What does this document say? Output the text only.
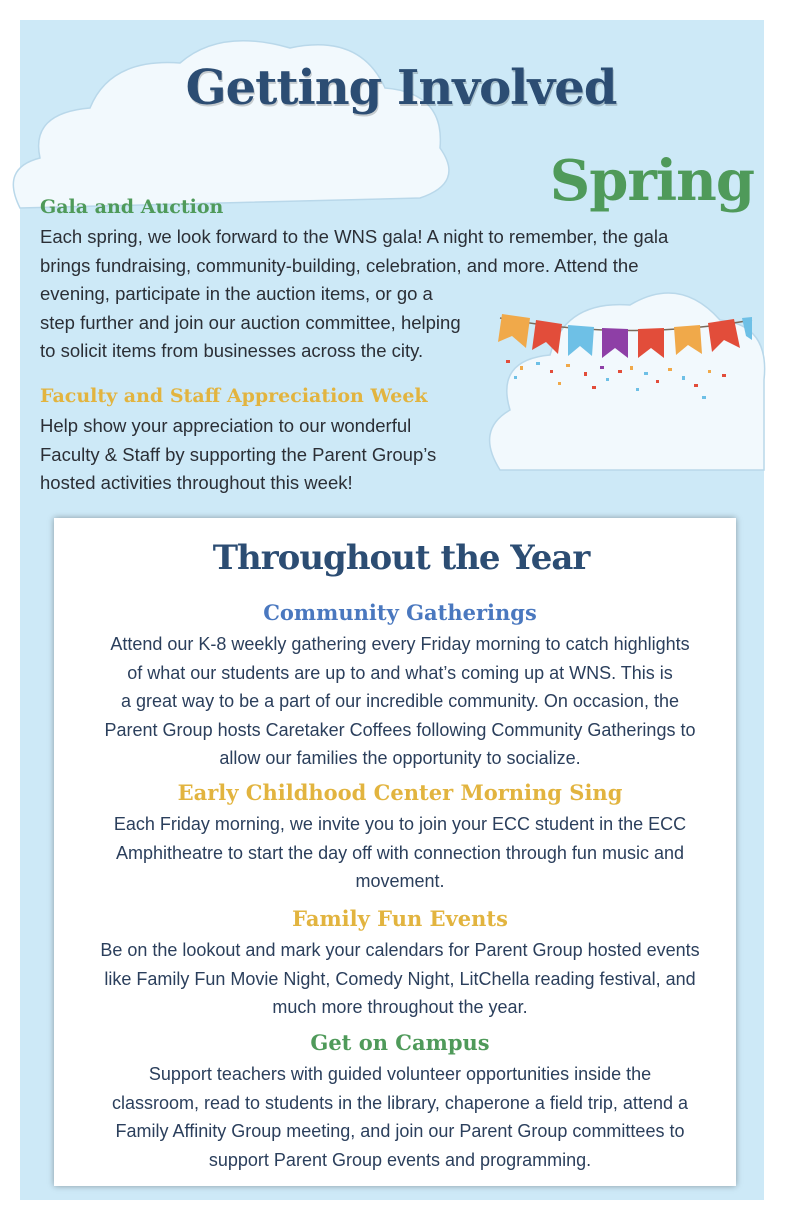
Getting Involved
Spring
Gala and Auction

Each spring, we look forward to the WNS gala! A night to remember, the gala
brings fundraising, community-building, celebration, and more. Attend the
evening, participate in the auction items, or go a
step further and join our auction committee, helping
to solicit items from businesses across the city.

Faculty and Staff Appreciation Week

Help show your appreciation to our wonderful
Faculty & Staff by supporting the Parent Group’s
hosted activities throughout this week!

Throughout the Year
Community Gatherings

Attend our K-8 weekly gathering every Friday morning to catch highlights
of what our students are up to and what’s coming up at WNS. This is
a great way to be a part of our incredible community. On occasion, the
Parent Group hosts Caretaker Coffees following Community Gatherings to
allow our families the opportunity to socialize.

Early Childhood Center Morning Sing

Each Friday morning, we invite you to join your ECC student in the ECC
Amphitheatre to start the day off with connection through fun music and
movement.

Family Fun Events

Be on the lookout and mark your calendars for Parent Group hosted events
like Family Fun Movie Night, Comedy Night, LitChella reading festival, and
much more throughout the year.

Get on Campus

Support teachers with guided volunteer opportunities inside the
classroom, read to students in the library, chaperone a field trip, attend a
Family Affinity Group meeting, and join our Parent Group committees to
support Parent Group events and programming.
